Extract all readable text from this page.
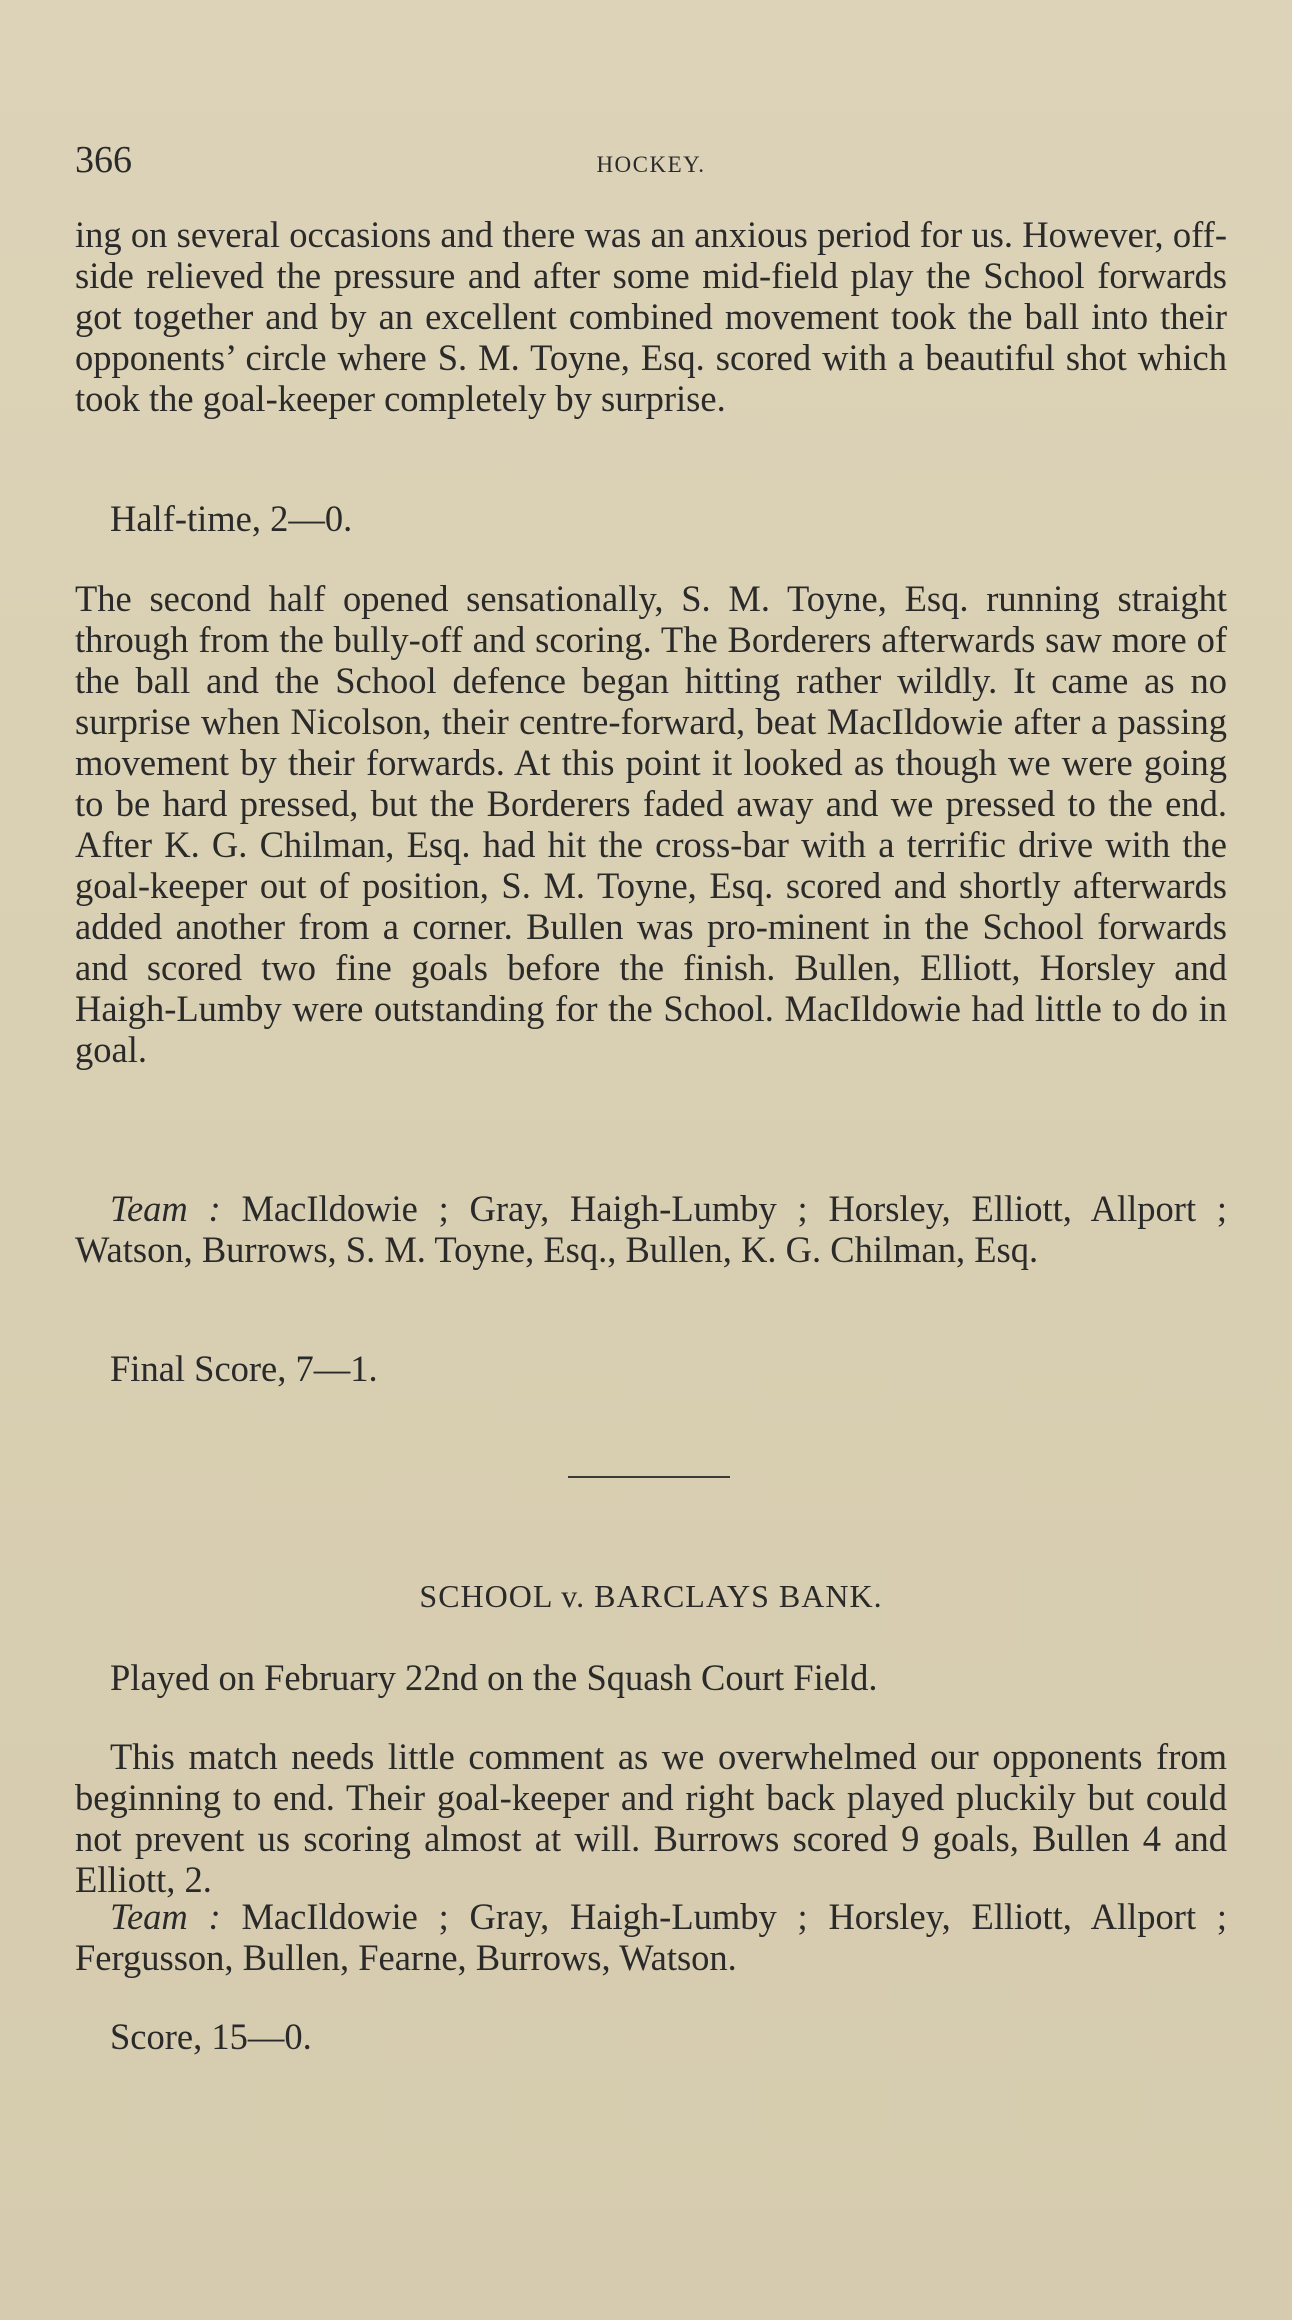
366	HOCKEY.

ing on several occasions and there was an anxious period for us. However, off-side relieved the pressure and after some mid-field play the School forwards got together and by an excellent combined movement took the ball into their opponents’ circle where S. M. Toyne, Esq. scored with a beautiful shot which took the goal-keeper completely by surprise.

Half-time, 2—0.

The second half opened sensationally, S. M. Toyne, Esq. running straight through from the bully-off and scoring. The Borderers afterwards saw more of the ball and the School defence began hitting rather wildly. It came as no surprise when Nicolson, their centre-forward, beat MacIldowie after a passing movement by their forwards. At this point it looked as though we were going to be hard pressed, but the Borderers faded away and we pressed to the end. After K. G. Chilman, Esq. had hit the cross-bar with a terrific drive with the goal-keeper out of position, S. M. Toyne, Esq. scored and shortly afterwards added another from a corner. Bullen was pro-minent in the School forwards and scored two fine goals before the finish. Bullen, Elliott, Horsley and Haigh-Lumby were outstanding for the School. MacIldowie had little to do in goal.

Team : MacIldowie ; Gray, Haigh-Lumby ; Horsley, Elliott, Allport ; Watson, Burrows, S. M. Toyne, Esq., Bullen, K. G. Chilman, Esq.

Final Score, 7—1.

SCHOOL v. BARCLAYS BANK.

Played on February 22nd on the Squash Court Field.

This match needs little comment as we overwhelmed our opponents from beginning to end. Their goal-keeper and right back played pluckily but could not prevent us scoring almost at will. Burrows scored 9 goals, Bullen 4 and Elliott, 2.

Team : MacIldowie ; Gray, Haigh-Lumby ; Horsley, Elliott, Allport ; Fergusson, Bullen, Fearne, Burrows, Watson.

Score, 15—0.
